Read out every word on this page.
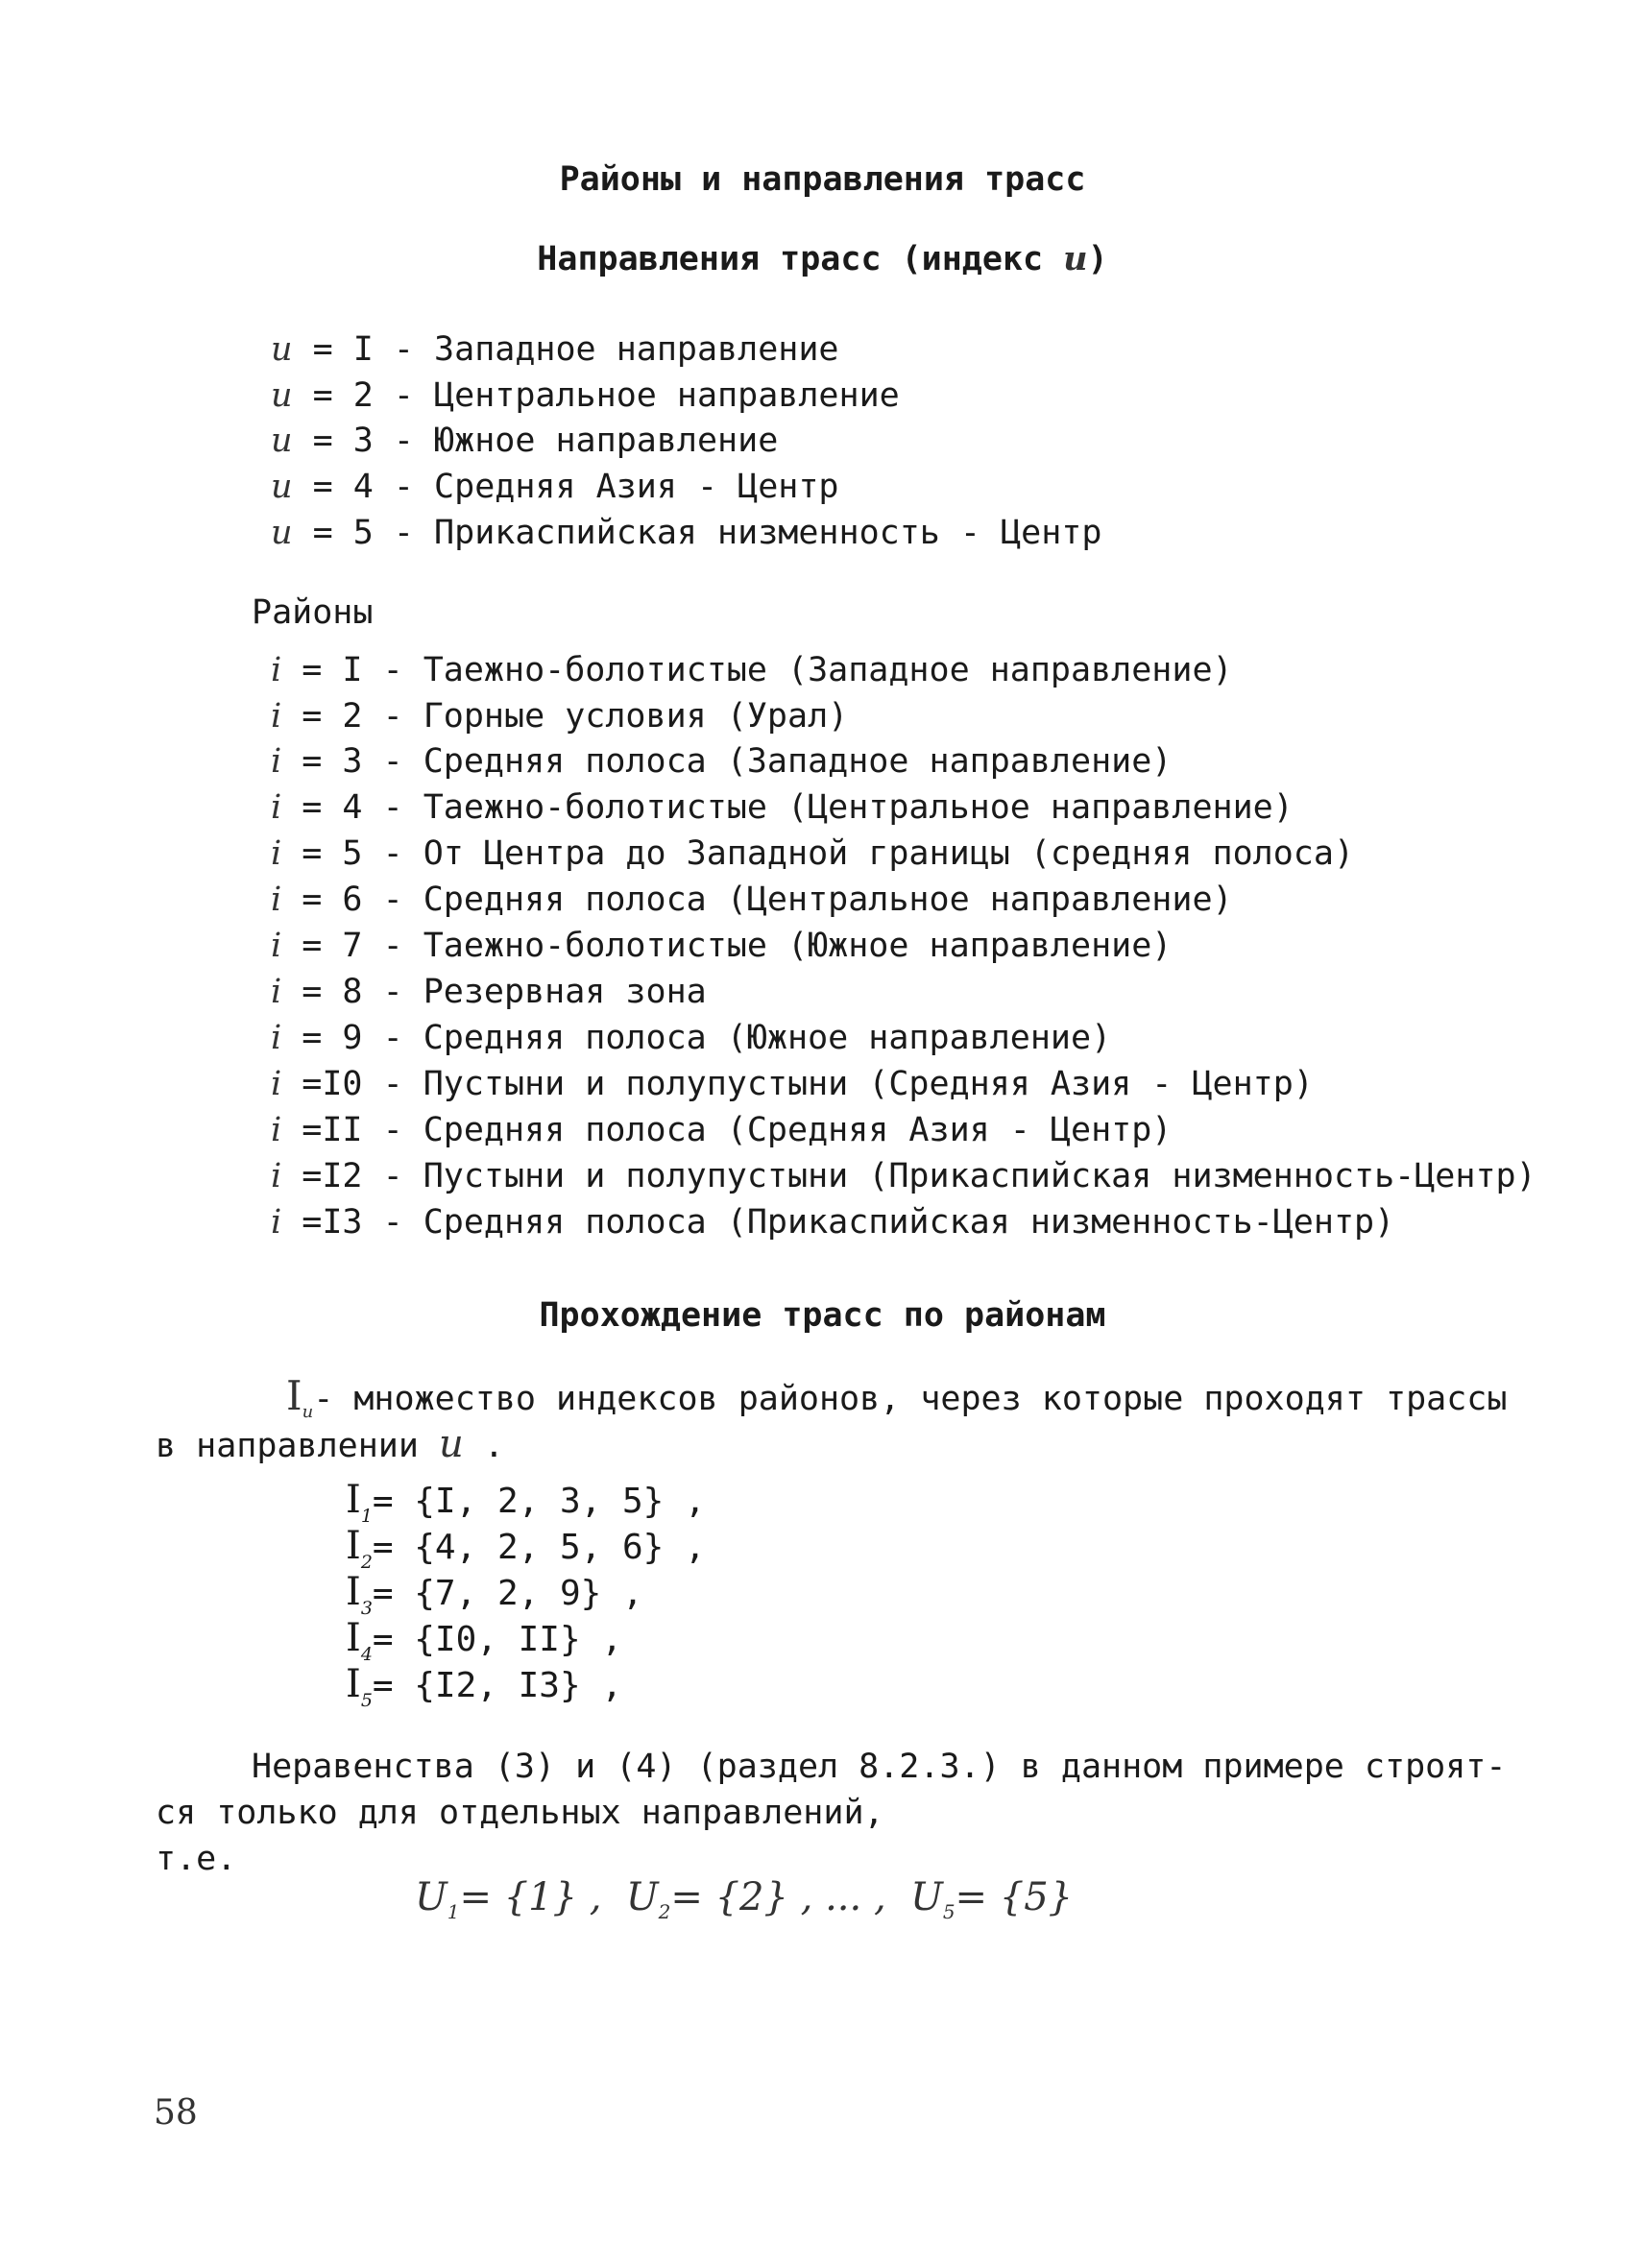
Районы и направления трасс
Направления трасс (индекс u)
u = I - Западное направление
u = 2 - Центральное направление
u = 3 - Южное направление
u = 4 - Средняя Азия - Центр
u = 5 - Прикаспийская низменность - Центр
Районы
i = I - Таежно-болотистые (Западное направление)
i = 2 - Горные условия (Урал)
i = 3 - Средняя полоса (Западное направление)
i = 4 - Таежно-болотистые (Центральное направление)
i = 5 - От Центра до Западной границы (средняя полоса)
i = 6 - Средняя полоса (Центральное направление)
i = 7 - Таежно-болотистые (Южное направление)
i = 8 - Резервная зона
i = 9 - Средняя полоса (Южное направление)
i =I0 - Пустыни и полупустыни (Средняя Азия - Центр)
i =II - Средняя полоса (Средняя Азия - Центр)
i =I2 - Пустыни и полупустыни (Прикаспийская низменность-Центр)
i =I3 - Средняя полоса (Прикаспийская низменность-Центр)
Прохождение трасс по районам
$I_u-$ множество индексов районов, через которые проходят трассы
в направлении u .
$I_1= \{I$, 2, 3, 5} ,
$I_2= \{4$, 2, 5, 6} ,
$I_3= \{7$, 2, 9} ,
$I_4= \{I0$, II} ,
$I_5= \{I2$, I3} ,
Неравенства (3) и (4) (раздел 8.2.3.) в данном примере строят-
ся только для отдельных направлений,
т.е.
$U_1= \{1\}$ , $U_2= \{2\}$ , ... , $U_5= \{5\}$
58
